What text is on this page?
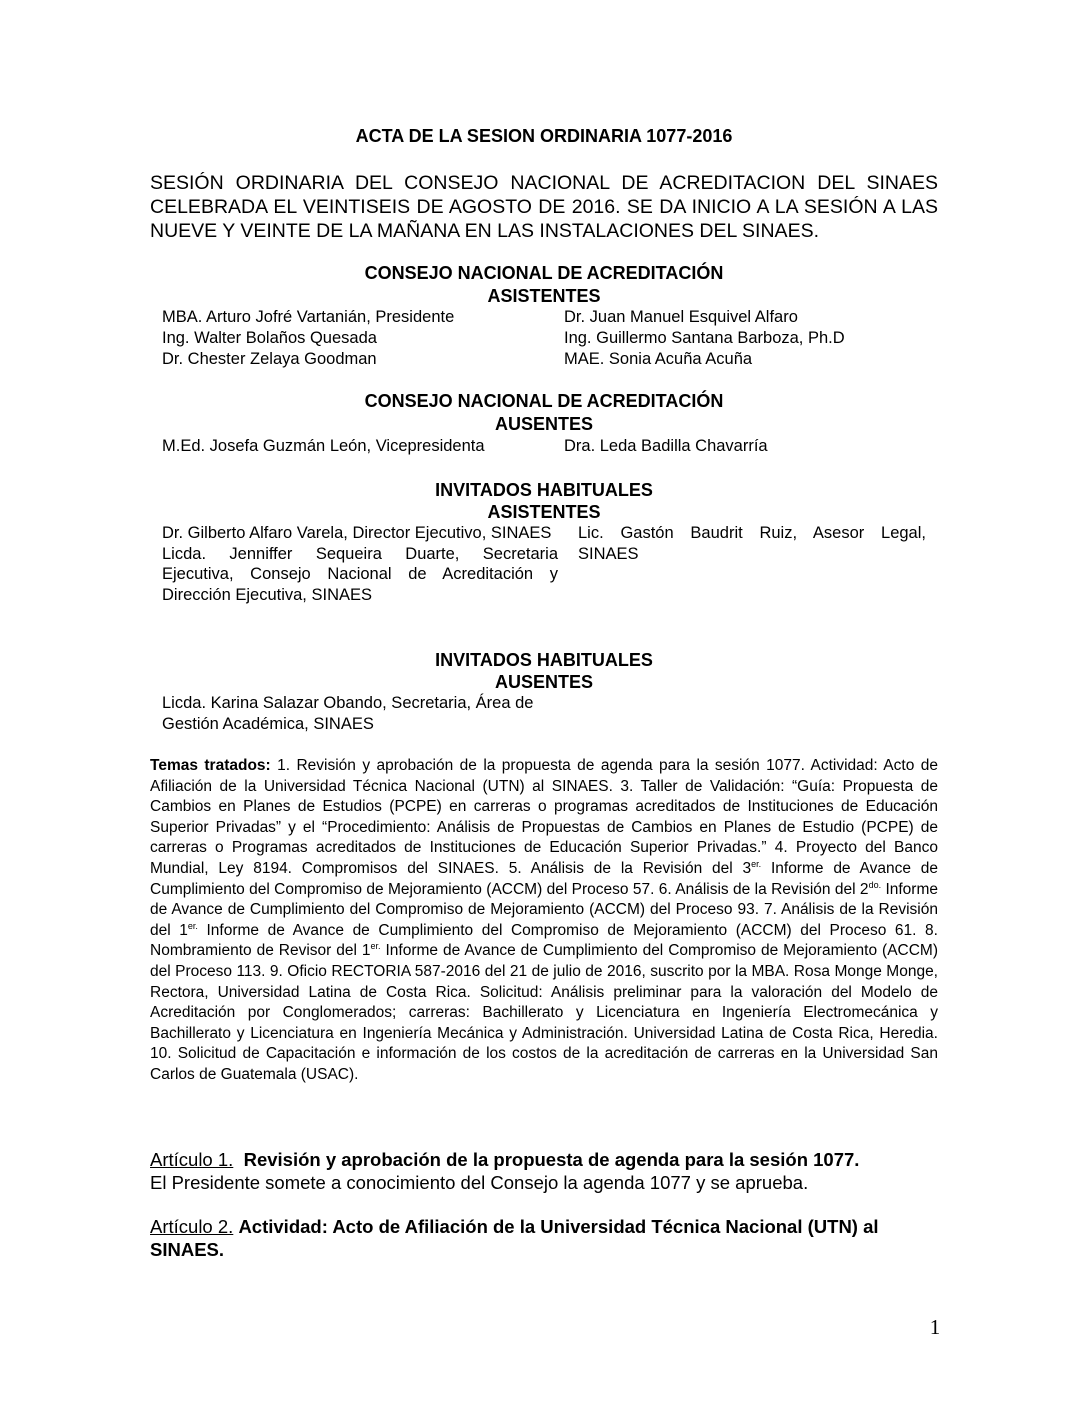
ACTA DE LA SESION ORDINARIA 1077-2016
SESIÓN ORDINARIA DEL CONSEJO NACIONAL DE ACREDITACION DEL SINAES CELEBRADA EL VEINTISEIS DE AGOSTO DE 2016. SE DA INICIO A LA SESIÓN A LAS NUEVE Y VEINTE DE LA MAÑANA EN LAS INSTALACIONES DEL SINAES.
CONSEJO NACIONAL DE ACREDITACIÓN
ASISTENTES
MBA. Arturo Jofré Vartanián, Presidente
Ing. Walter Bolaños Quesada
Dr. Chester Zelaya Goodman
Dr. Juan Manuel Esquivel Alfaro
Ing. Guillermo Santana Barboza, Ph.D
MAE. Sonia Acuña Acuña
CONSEJO NACIONAL DE ACREDITACIÓN
AUSENTES
M.Ed. Josefa Guzmán León, Vicepresidenta	Dra. Leda Badilla Chavarría
INVITADOS HABITUALES
ASISTENTES
Dr. Gilberto Alfaro Varela, Director Ejecutivo, SINAES
Licda. Jenniffer Sequeira Duarte, Secretaria Ejecutiva, Consejo Nacional de Acreditación y Dirección Ejecutiva, SINAES
Lic. Gastón Baudrit Ruiz, Asesor Legal, SINAES
INVITADOS HABITUALES
AUSENTES
Licda. Karina Salazar Obando, Secretaria, Área de Gestión Académica, SINAES
Temas tratados: 1. Revisión y aprobación de la propuesta de agenda para la sesión 1077. Actividad: Acto de Afiliación de la Universidad Técnica Nacional (UTN) al SINAES. 3. Taller de Validación: “Guía: Propuesta de Cambios en Planes de Estudios (PCPE) en carreras o programas acreditados de Instituciones de Educación Superior Privadas” y el “Procedimiento: Análisis de Propuestas de Cambios en Planes de Estudio (PCPE) de carreras o Programas acreditados de Instituciones de Educación Superior Privadas.” 4. Proyecto del Banco Mundial, Ley 8194. Compromisos del SINAES. 5. Análisis de la Revisión del $3^{er.}$ Informe de Avance de Cumplimiento del Compromiso de Mejoramiento (ACCM) del Proceso 57. 6. Análisis de la Revisión del $2^{do.}$ Informe de Avance de Cumplimiento del Compromiso de Mejoramiento (ACCM) del Proceso 93. 7. Análisis de la Revisión del $1^{er.}$ Informe de Avance de Cumplimiento del Compromiso de Mejoramiento (ACCM) del Proceso 61. 8. Nombramiento de Revisor del $1^{er.}$ Informe de Avance de Cumplimiento del Compromiso de Mejoramiento (ACCM) del Proceso 113. 9. Oficio RECTORIA 587-2016 del 21 de julio de 2016, suscrito por la MBA. Rosa Monge Monge, Rectora, Universidad Latina de Costa Rica. Solicitud: Análisis preliminar para la valoración del Modelo de Acreditación por Conglomerados; carreras: Bachillerato y Licenciatura en Ingeniería Electromecánica y Bachillerato y Licenciatura en Ingeniería Mecánica y Administración. Universidad Latina de Costa Rica, Heredia. 10. Solicitud de Capacitación e información de los costos de la acreditación de carreras en la Universidad San Carlos de Guatemala (USAC).
Artículo 1. Revisión y aprobación de la propuesta de agenda para la sesión 1077.
El Presidente somete a conocimiento del Consejo la agenda 1077 y se aprueba.
Artículo 2. Actividad: Acto de Afiliación de la Universidad Técnica Nacional (UTN) al SINAES.
1
